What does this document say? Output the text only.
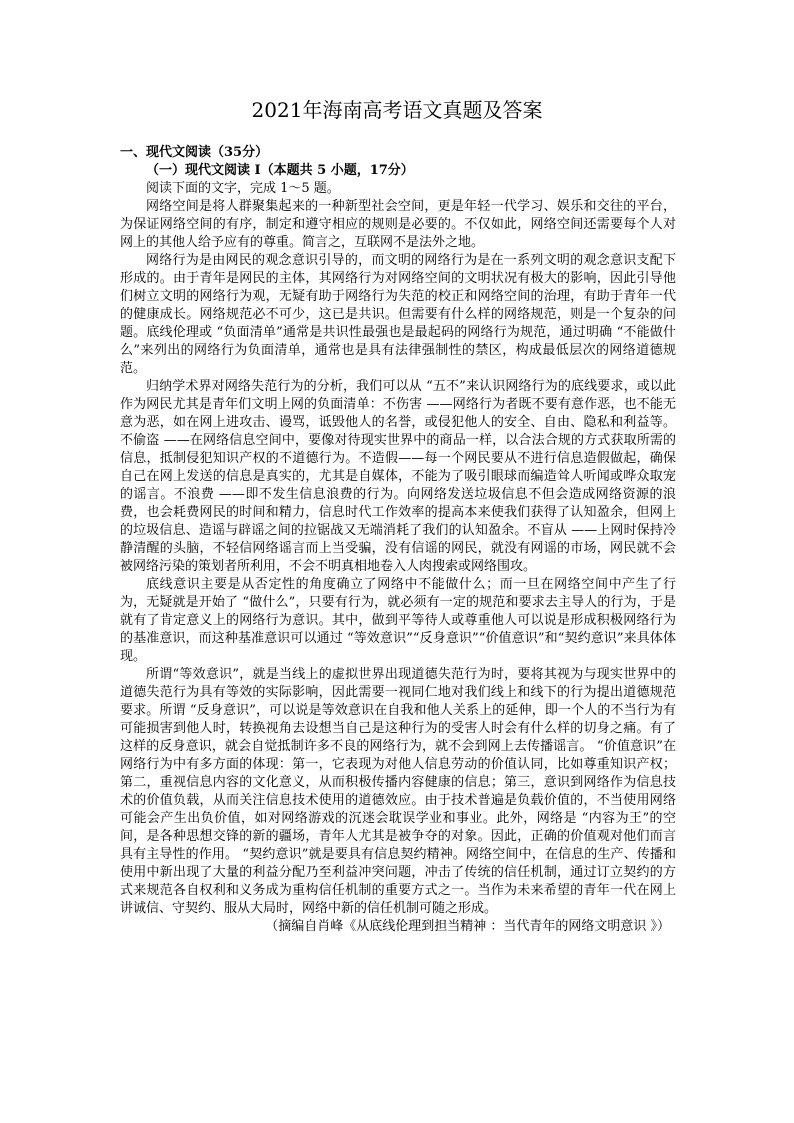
2021年海南高考语文真题及答案
一、现代文阅读（35分）
（一）现代文阅读 I（本题共 5 小题，17分）

阅读下面的文字，完成 1～5 题。

网络空间是将人群聚集起来的一种新型社会空间，更是年轻一代学习、娱乐和交往的平台，为保证网络空间的有序，制定和遵守相应的规则是必要的。不仅如此，网络空间还需要每个人对网上的其他人给予应有的尊重。简言之，互联网不是法外之地。

网络行为是由网民的观念意识引导的，而文明的网络行为是在一系列文明的观念意识支配下形成的。由于青年是网民的主体，其网络行为对网络空间的文明状况有极大的影响，因此引导他们树立文明的网络行为观，无疑有助于网络行为失范的校正和网络空间的治理，有助于青年一代的健康成长。网络规范必不可少，这已是共识。但需要有什么样的网络规范，则是一个复杂的问题。底线伦理或 “负面清单”通常是共识性最强也是最起码的网络行为规范，通过明确 “不能做什么”来列出的网络行为负面清单，通常也是具有法律强制性的禁区，构成最低层次的网络道德规范。

归纳学术界对网络失范行为的分析，我们可以从 “五不”来认识网络行为的底线要求，或以此作为网民尤其是青年们文明上网的负面清单：不伤害 ——网络行为者既不要有意作恶，也不能无意为恶，如在网上进攻击、谩骂，诋毁他人的名誉，或侵犯他人的安全、自由、隐私和利益等。不偷盗 ——在网络信息空间中，要像对待现实世界中的商品一样，以合法合规的方式获取所需的信息，抵制侵犯知识产权的不道德行为。不造假——每一个网民要从不进行信息造假做起，确保自己在网上发送的信息是真实的，尤其是自媒体，不能为了吸引眼球而编造耸人听闻或哗众取宠的谣言。不浪费 ——即不发生信息浪费的行为。向网络发送垃圾信息不但会造成网络资源的浪费，也会耗费网民的时间和精力，信息时代工作效率的提高本来使我们获得了认知盈余，但网上的垃圾信息、造谣与辟谣之间的拉锯战又无端消耗了我们的认知盈余。不盲从 ——上网时保持冷静清醒的头脑，不轻信网络谣言而上当受骗，没有信谣的网民，就没有网谣的市场，网民就不会被网络污染的策划者所利用，不会不明真相地卷入人肉搜索或网络围攻。

底线意识主要是从否定性的角度确立了网络中不能做什么；而一旦在网络空间中产生了行为，无疑就是开始了 “做什么”，只要有行为，就必须有一定的规范和要求去主导人的行为，于是就有了肯定意义上的网络行为意识。其中，做到平等待人或尊重他人可以说是形成积极网络行为的基准意识，而这种基准意识可以通过 “等效意识”“反身意识”“价值意识”和“契约意识”来具体体现。

所谓“等效意识”，就是当线上的虚拟世界出现道德失范行为时，要将其视为与现实世界中的道德失范行为具有等效的实际影响，因此需要一视同仁地对我们线上和线下的行为提出道德规范要求。所谓 “反身意识”，可以说是等效意识在自我和他人关系上的延伸，即一个人的不当行为有可能损害到他人时，转换视角去设想当自己是这种行为的受害人时会有什么样的切身之痛。有了这样的反身意识，就会自觉抵制许多不良的网络行为，就不会到网上去传播谣言。 “价值意识”在网络行为中有多方面的体现：第一，它表现为对他人信息劳动的价值认同，比如尊重知识产权；第二，重视信息内容的文化意义，从而积极传播内容健康的信息；第三，意识到网络作为信息技术的价值负载，从而关注信息技术使用的道德效应。由于技术普遍是负载价值的，不当使用网络可能会产生出负价值，如对网络游戏的沉迷会耽误学业和事业。此外，网络是 “内容为王”的空间，是各种思想交锋的新的疆场，青年人尤其是被争夺的对象。因此，正确的价值观对他们而言具有主导性的作用。 “契约意识”就是要具有信息契约精神。网络空间中，在信息的生产、传播和使用中新出现了大量的利益分配乃至利益冲突问题，冲击了传统的信任机制，通过订立契约的方式来规范各自权利和义务成为重构信任机制的重要方式之一。当作为未来希望的青年一代在网上讲诚信、守契约、服从大局时，网络中新的信任机制可随之形成。

（摘编自肖峰《从底线伦理到担当精神 ：当代青年的网络文明意识 》）
